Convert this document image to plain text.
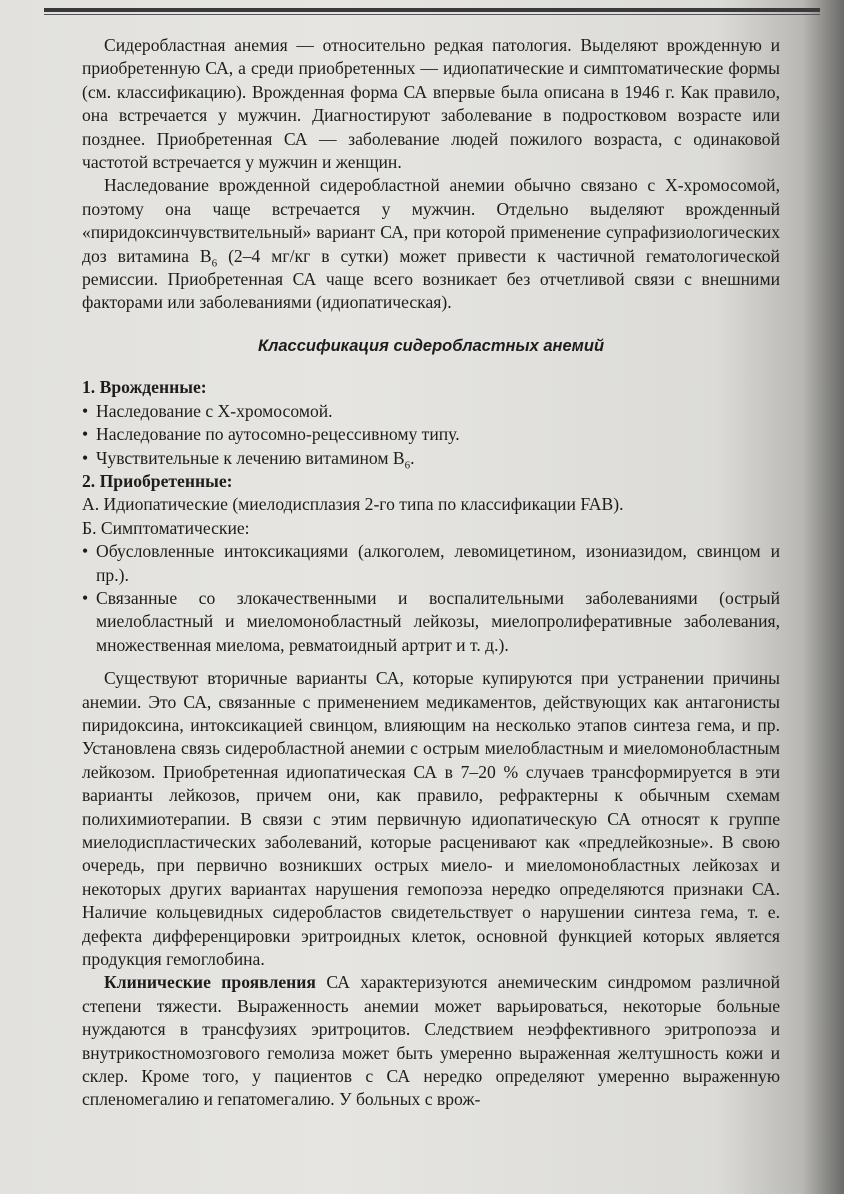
Сидеробластная анемия — относительно редкая патология. Выделяют врожденную и приобретенную СА, а среди приобретенных — идиопатические и симптоматические формы (см. классификацию). Врожденная форма СА впервые была описана в 1946 г. Как правило, она встречается у мужчин. Диагностируют заболевание в подростковом возрасте или позднее. Приобретенная СА — заболевание людей пожилого возраста, с одинаковой частотой встречается у мужчин и женщин.

Наследование врожденной сидеробластной анемии обычно связано с X-хромосомой, поэтому она чаще встречается у мужчин. Отдельно выделяют врожденный «пиридоксинчувствительный» вариант СА, при которой применение супрафизиологических доз витамина $B_6$ (2–4 мг/кг в сутки) может привести к частичной гематологической ремиссии. Приобретенная СА чаще всего возникает без отчетливой связи с внешними факторами или заболеваниями (идиопатическая).

Классификация сидеробластных анемий

1. Врожденные:

• Наследование с X-хромосомой.

• Наследование по аутосомно-рецессивному типу.

• Чувствительные к лечению витамином $B_6$.

2. Приобретенные:

А. Идиопатические (миелодисплазия 2-го типа по классификации FAB).

Б. Симптоматические:

• Обусловленные интоксикациями (алкоголем, левомицетином, изониазидом, свинцом и пр.).

• Связанные со злокачественными и воспалительными заболеваниями (острый миелобластный и миеломонобластный лейкозы, миелопролиферативные заболевания, множественная миелома, ревматоидный артрит и т. д.).

Существуют вторичные варианты СА, которые купируются при устранении причины анемии. Это СА, связанные с применением медикаментов, действующих как антагонисты пиридоксина, интоксикацией свинцом, влияющим на несколько этапов синтеза гема, и пр. Установлена связь сидеробластной анемии с острым миелобластным и миеломонобластным лейкозом. Приобретенная идиопатическая СА в 7–20 % случаев трансформируется в эти варианты лейкозов, причем они, как правило, рефрактерны к обычным схемам полихимиотерапии. В связи с этим первичную идиопатическую СА относят к группе миелодиспластических заболеваний, которые расценивают как «предлейкозные». В свою очередь, при первично возникших острых миело- и миеломонобластных лейкозах и некоторых других вариантах нарушения гемопоэза нередко определяются признаки СА. Наличие кольцевидных сидеробластов свидетельствует о нарушении синтеза гема, т. е. дефекта дифференцировки эритроидных клеток, основной функцией которых является продукция гемоглобина.

Клинические проявления СА характеризуются анемическим синдромом различной степени тяжести. Выраженность анемии может варьироваться, некоторые больные нуждаются в трансфузиях эритроцитов. Следствием неэффективного эритропоэза и внутрикостномозгового гемолиза может быть умеренно выраженная желтушность кожи и склер. Кроме того, у пациентов с СА нередко определяют умеренно выраженную спленомегалию и гепатомегалию. У больных с врож-
